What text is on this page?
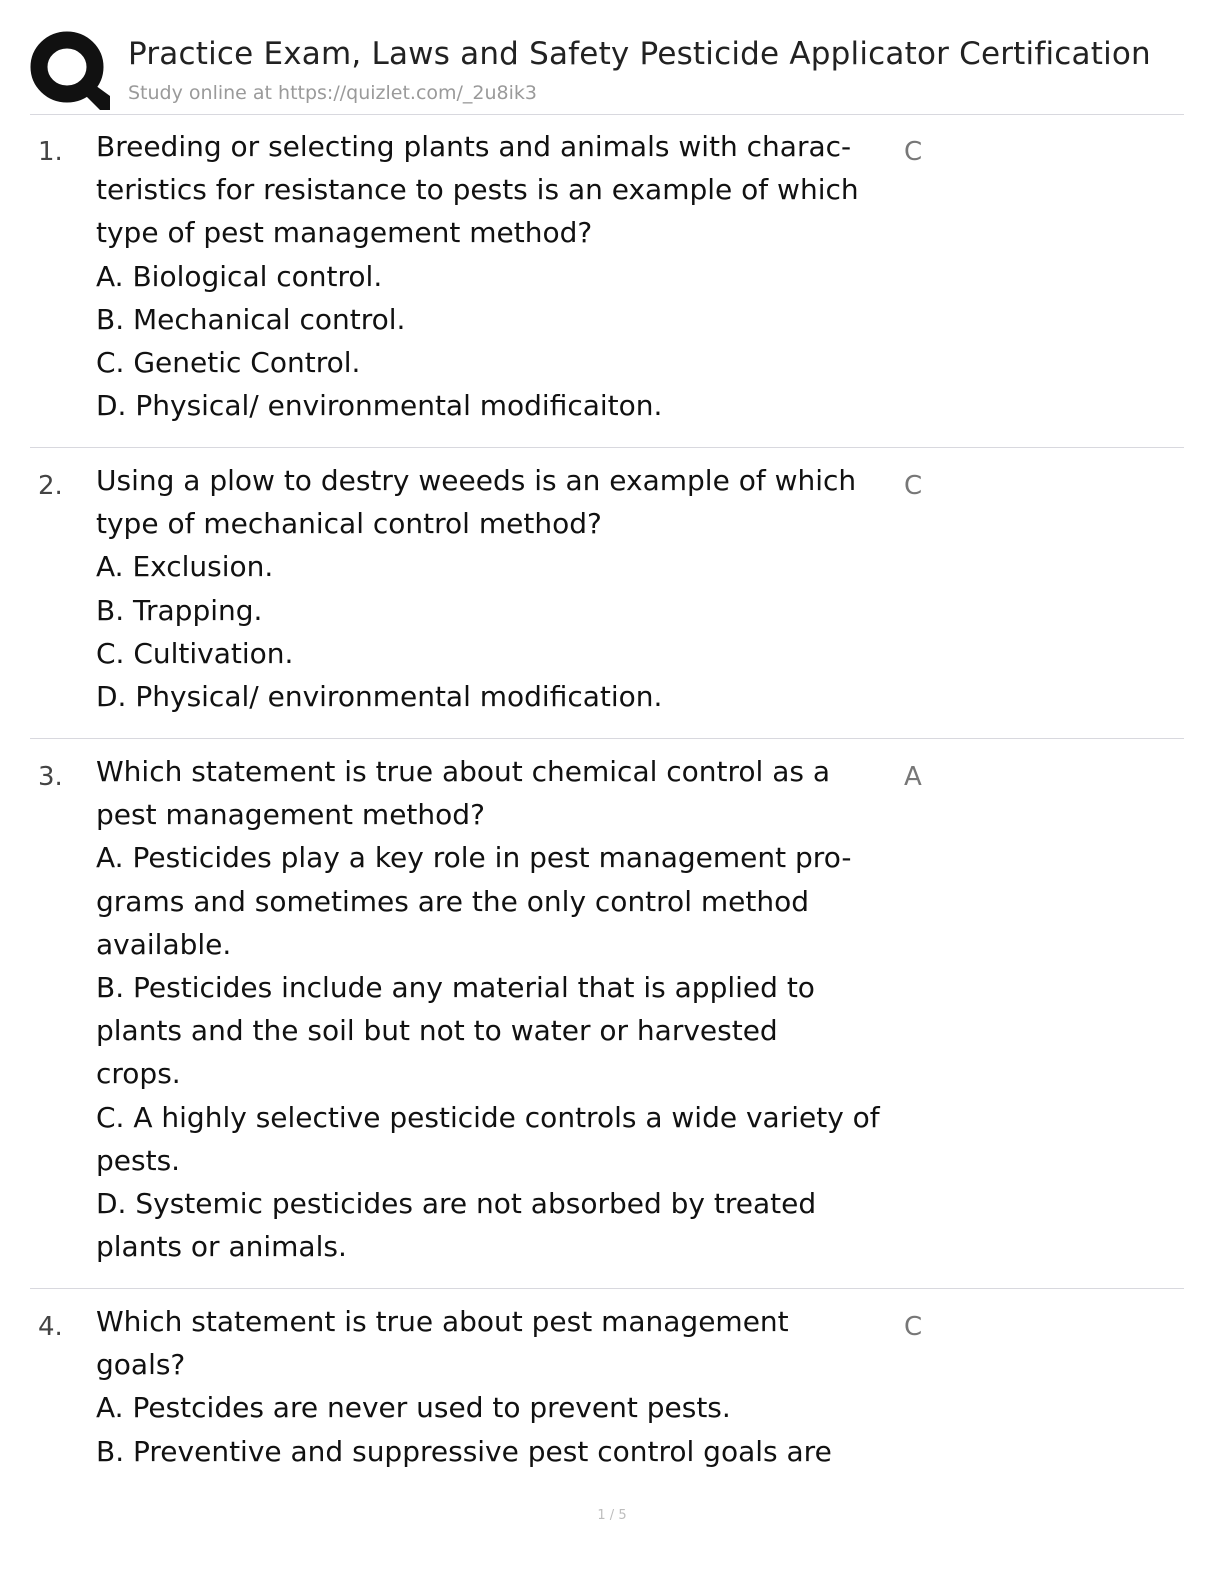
Practice Exam, Laws and Safety Pesticide Applicator Certification
Study online at https://quizlet.com/_2u8ik3
1. Breeding or selecting plants and animals with charac-
teristics for resistance to pests is an example of which
type of pest management method?
A. Biological control.
B. Mechanical control.
C. Genetic Control.
D. Physical/ environmental modificaiton.
C
2. Using a plow to destry weeeds is an example of which
type of mechanical control method?
A. Exclusion.
B. Trapping.
C. Cultivation.
D. Physical/ environmental modification.
C
3. Which statement is true about chemical control as a
pest management method?
A. Pesticides play a key role in pest management pro-
grams and sometimes are the only control method
available.
B. Pesticides include any material that is applied to
plants and the soil but not to water or harvested
crops.
C. A highly selective pesticide controls a wide variety of
pests.
D. Systemic pesticides are not absorbed by treated
plants or animals.
A
4. Which statement is true about pest management
goals?
A. Pestcides are never used to prevent pests.
B. Preventive and suppressive pest control goals are
C
1 / 5
